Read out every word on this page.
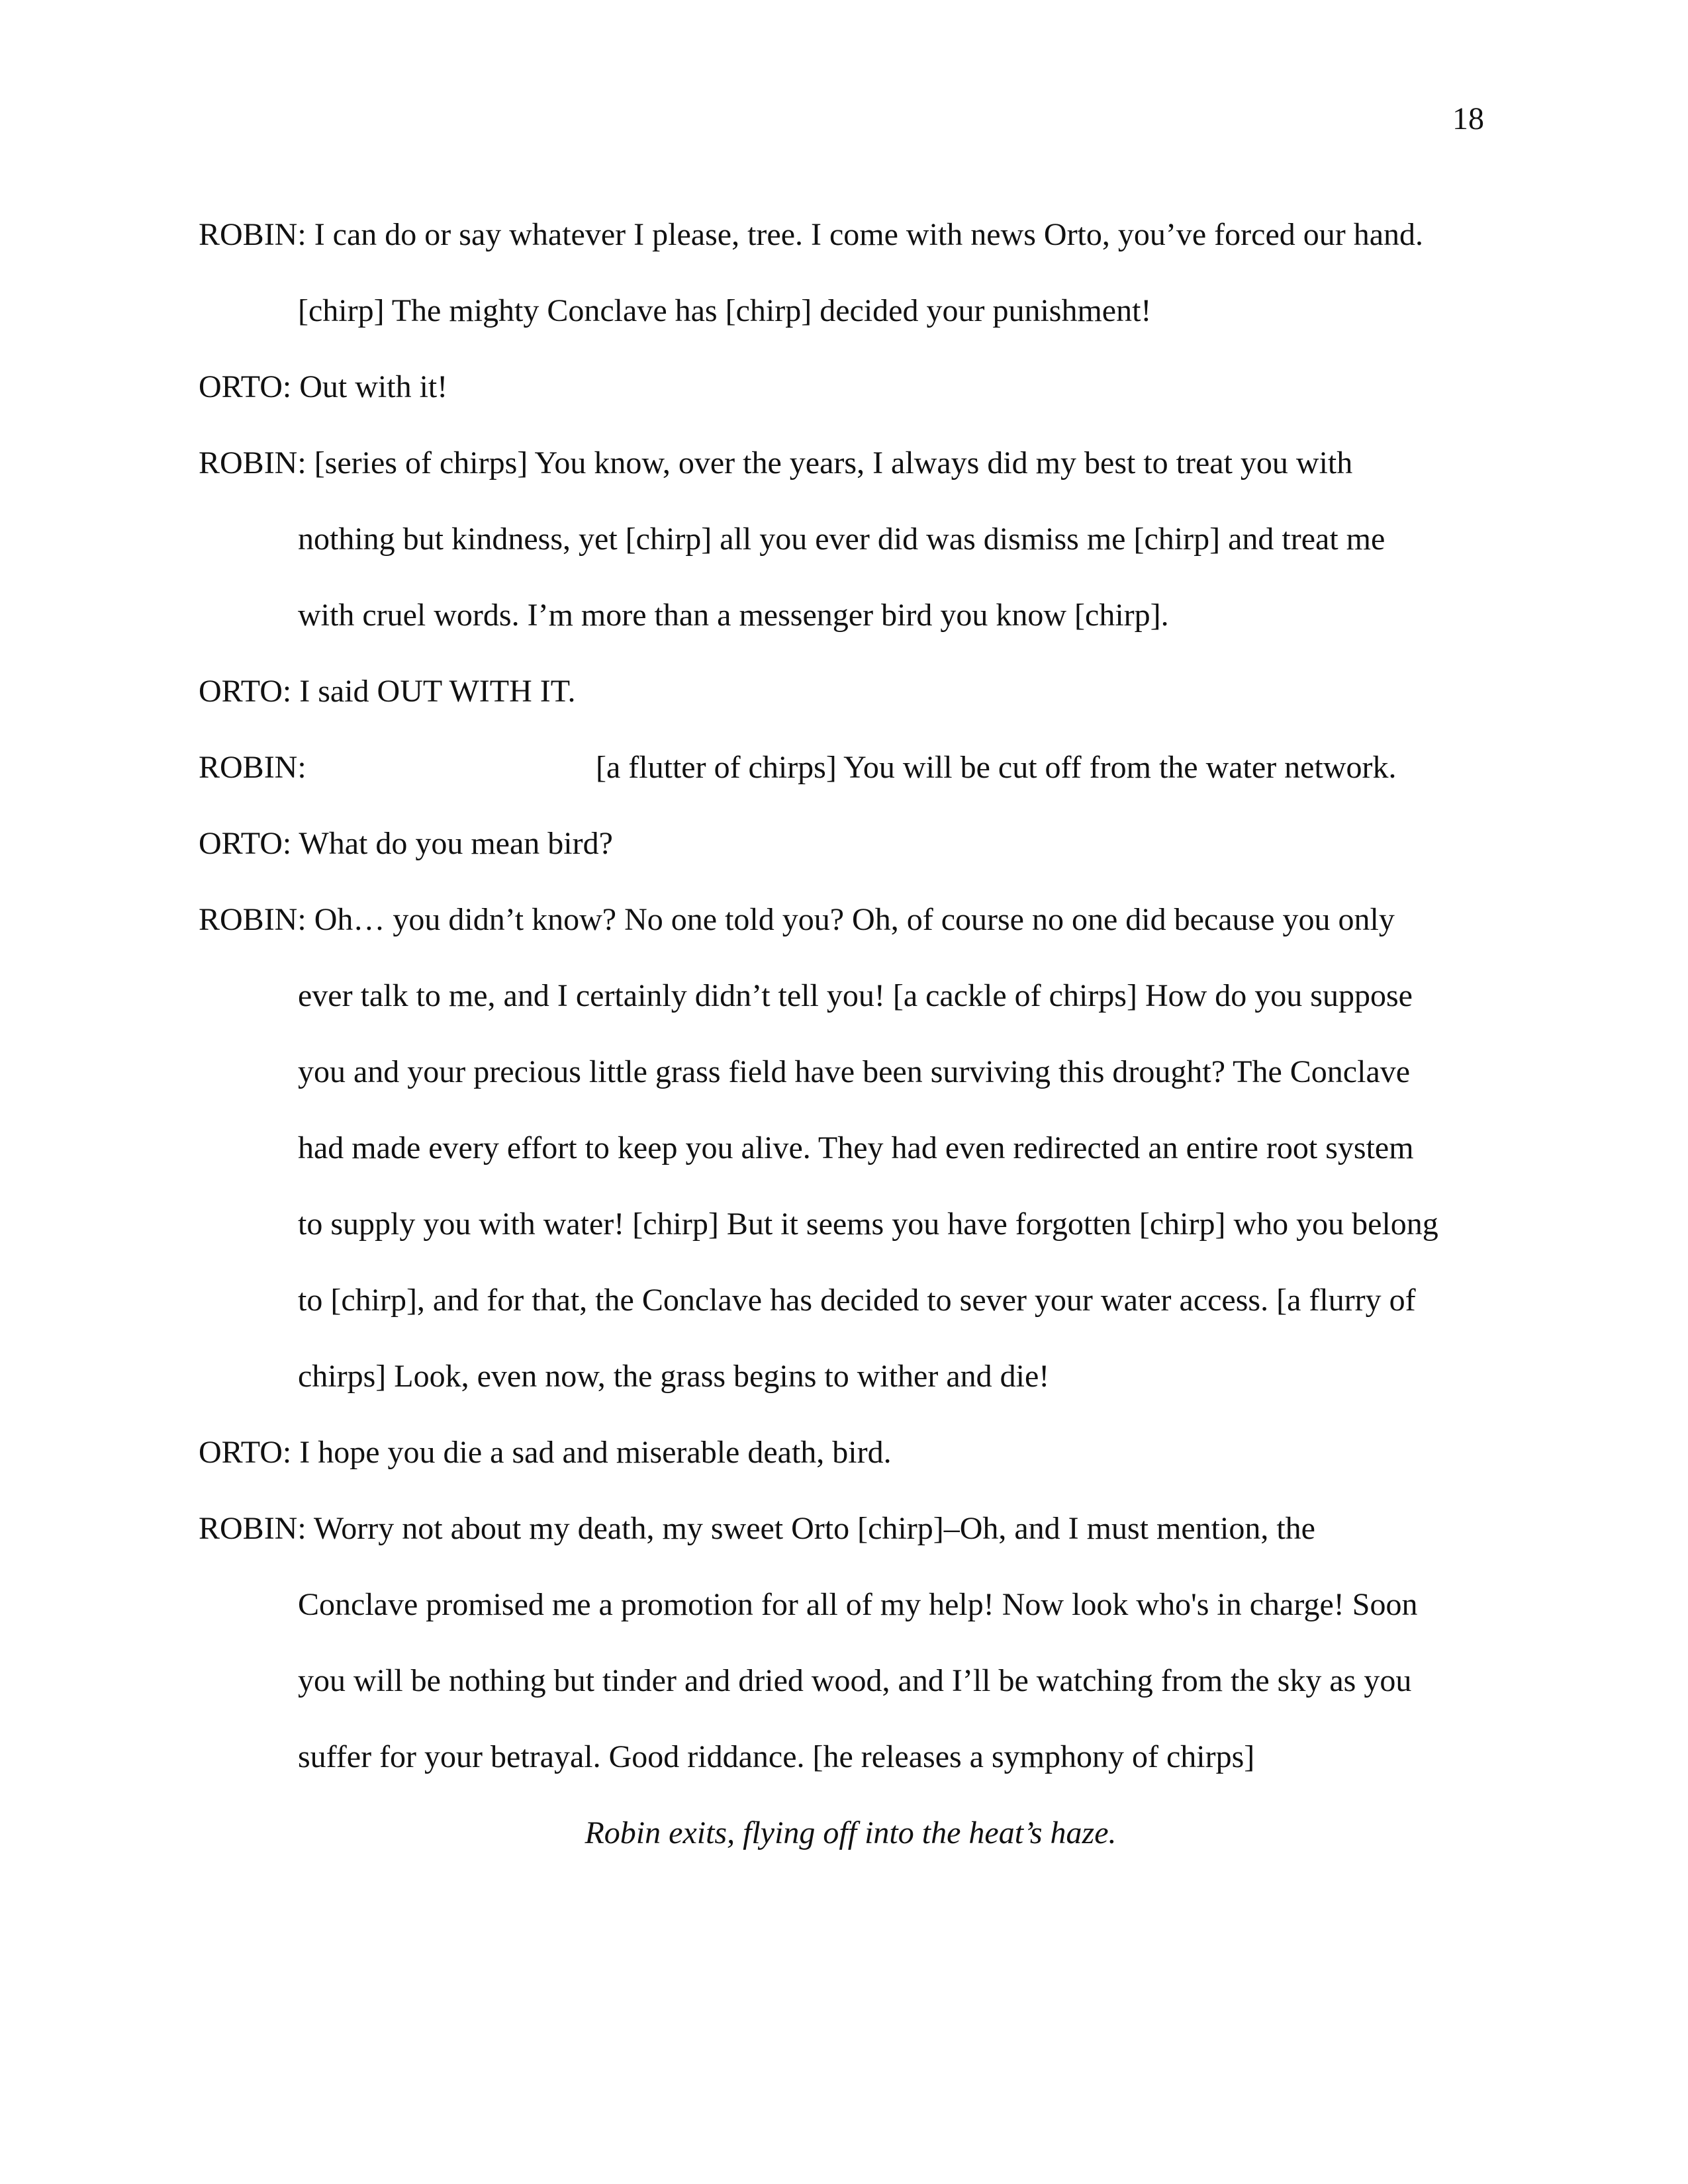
18
ROBIN: I can do or say whatever I please, tree. I come with news Orto, you’ve forced our hand.
[chirp] The mighty Conclave has [chirp] decided your punishment!
ORTO: Out with it!
ROBIN: [series of chirps] You know, over the years, I always did my best to treat you with
nothing but kindness, yet [chirp] all you ever did was dismiss me [chirp] and treat me
with cruel words. I’m more than a messenger bird you know [chirp].
ORTO: I said OUT WITH IT.
ROBIN:	[a flutter of chirps] You will be cut off from the water network.
ORTO: What do you mean bird?
ROBIN: Oh… you didn’t know? No one told you? Oh, of course no one did because you only
ever talk to me, and I certainly didn’t tell you! [a cackle of chirps] How do you suppose
you and your precious little grass field have been surviving this drought? The Conclave
had made every effort to keep you alive. They had even redirected an entire root system
to supply you with water! [chirp] But it seems you have forgotten [chirp] who you belong
to [chirp], and for that, the Conclave has decided to sever your water access. [a flurry of
chirps] Look, even now, the grass begins to wither and die!
ORTO: I hope you die a sad and miserable death, bird.
ROBIN: Worry not about my death, my sweet Orto [chirp]–Oh, and I must mention, the
Conclave promised me a promotion for all of my help! Now look who's in charge! Soon
you will be nothing but tinder and dried wood, and I’ll be watching from the sky as you
suffer for your betrayal. Good riddance. [he releases a symphony of chirps]
Robin exits, flying off into the heat’s haze.
